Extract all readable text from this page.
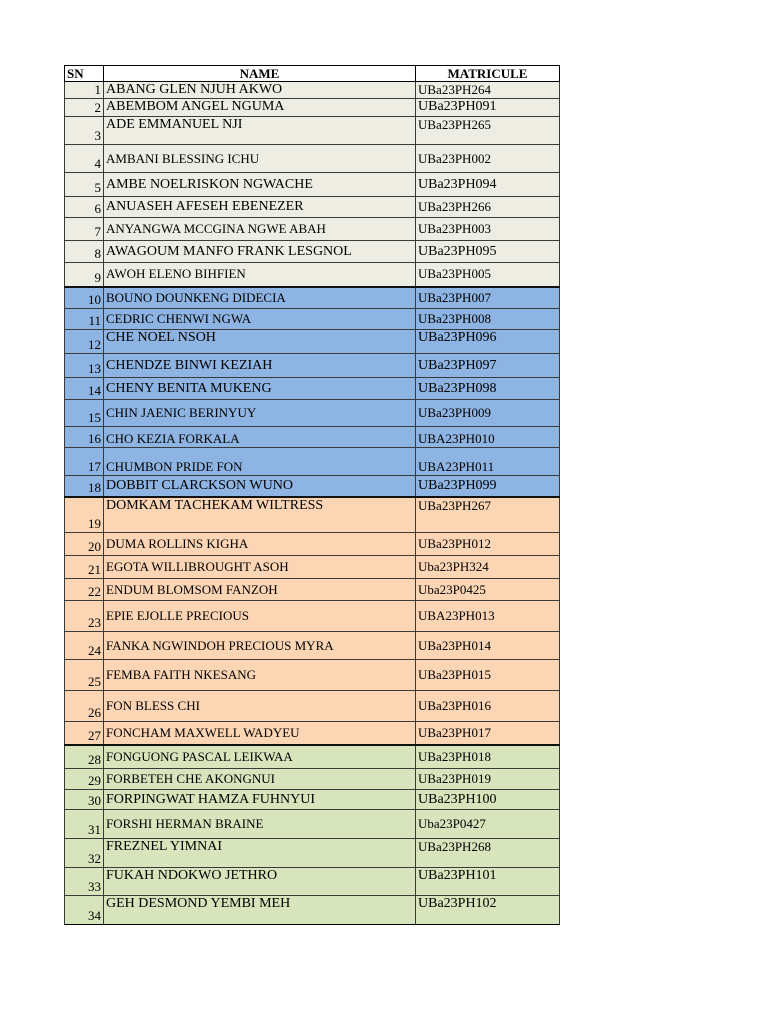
SN	NAME	MATRICULE
1	ABANG GLEN NJUH AKWO	UBa23PH264
2	ABEMBOM ANGEL NGUMA	UBa23PH091
3	ADE EMMANUEL NJI	UBa23PH265
4	AMBANI BLESSING ICHU	UBa23PH002
5	AMBE NOELRISKON NGWACHE	UBa23PH094
6	ANUASEH AFESEH EBENEZER	UBa23PH266
7	ANYANGWA MCCGINA NGWE ABAH	UBa23PH003
8	AWAGOUM MANFO FRANK LESGNOL	UBa23PH095
9	AWOH ELENO BIHFIEN	UBa23PH005
10	BOUNO DOUNKENG DIDECIA	UBa23PH007
11	CEDRIC CHENWI NGWA	UBa23PH008
12	CHE NOEL NSOH	UBa23PH096
13	CHENDZE BINWI KEZIAH	UBa23PH097
14	CHENY BENITA MUKENG	UBa23PH098
15	CHIN JAENIC BERINYUY	UBa23PH009
16	CHO KEZIA FORKALA	UBA23PH010
17	CHUMBON PRIDE FON	UBA23PH011
18	DOBBIT CLARCKSON WUNO	UBa23PH099
19	DOMKAM TACHEKAM WILTRESS	UBa23PH267
20	DUMA ROLLINS KIGHA	UBa23PH012
21	EGOTA WILLIBROUGHT ASOH	Uba23PH324
22	ENDUM BLOMSOM FANZOH	Uba23P0425
23	EPIE EJOLLE PRECIOUS	UBA23PH013
24	FANKA NGWINDOH PRECIOUS MYRA	UBa23PH014
25	FEMBA FAITH NKESANG	UBa23PH015
26	FON BLESS CHI	UBa23PH016
27	FONCHAM MAXWELL WADYEU	UBa23PH017
28	FONGUONG PASCAL LEIKWAA	UBa23PH018
29	FORBETEH CHE AKONGNUI	UBa23PH019
30	FORPINGWAT HAMZA FUHNYUI	UBa23PH100
31	FORSHI HERMAN BRAINE	Uba23P0427
32	FREZNEL YIMNAI	UBa23PH268
33	FUKAH NDOKWO JETHRO	UBa23PH101
34	GEH DESMOND YEMBI MEH	UBa23PH102
